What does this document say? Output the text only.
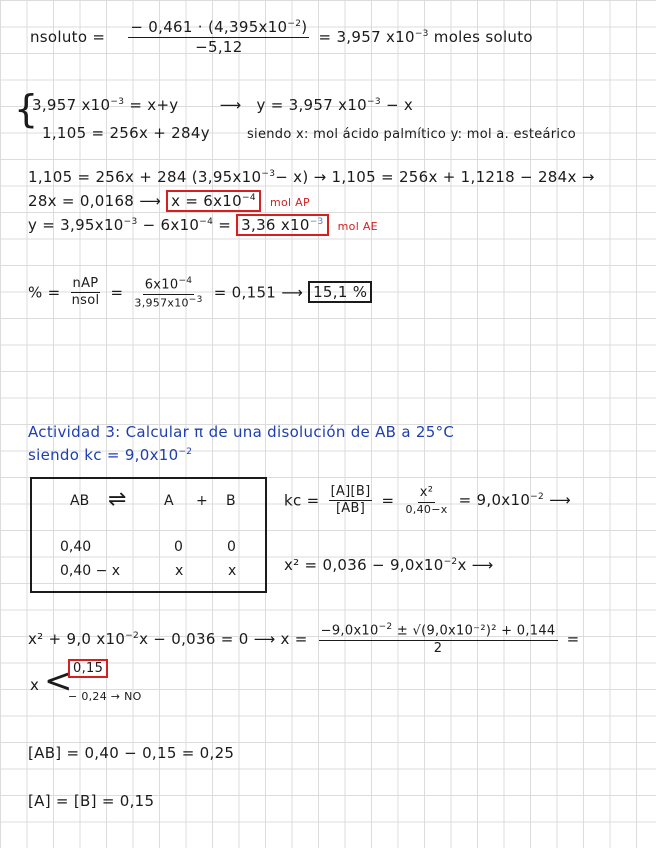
nsoluto = $\frac{- 0,461 \cdot (4,395x10^{-2})}{-5,12} = 3,957$ $x10^{-3}$ moles soluto
{
3,957 $x10^{-3} = x+y$	⟶ y = 3,957 $x10^{-3} - x$
1,105 = 256x + 284y	siendo x: mol ácido palmítico y: mol a. esteárico
1,105 = 256x + 284 $(3,95x10^{-3}- x) \to 1,105 = 256x + 1,1218 - 284x$ →
28x = 0,0168 ⟶ $x = 6x10^{-4}$ mol AP
$y = 3,95x10^{-3} - 6x10^{-4} = 3,36$ $x10^{-3}$ mol AE
% = $\frac{\text{nAP}}{\text{nsol}} = \frac{6x10^{-4}}{3,957x10^{-3}} = 0,151$ ⟶ 15,1 %
Actividad 3: Calcular π de una disolución de AB a 25°C
siendo kc = $9,0x10^{-2}$
AB ⇌	A + B
0,40	0	0
0,40 − x	x	x
kc = $\frac{[A][B]}{[AB]} = \frac{\text{x²}}{0,40-x} = 9,0x10^{-2}$ ⟶
$x^2 = 0,036 - 9,0x10^{-2}x$ ⟶
x² + 9,0 $x10^{-2}x - 0,036 = 0$ ⟶ $x = \frac{-9,0x10^{-2} \pm √(9,0x10^{-2})^2 + 0,144}{2}$ =
x < 0,15
− 0,24 → NO
[AB] = 0,40 − 0,15 = 0,25
[A] = [B] = 0,15
